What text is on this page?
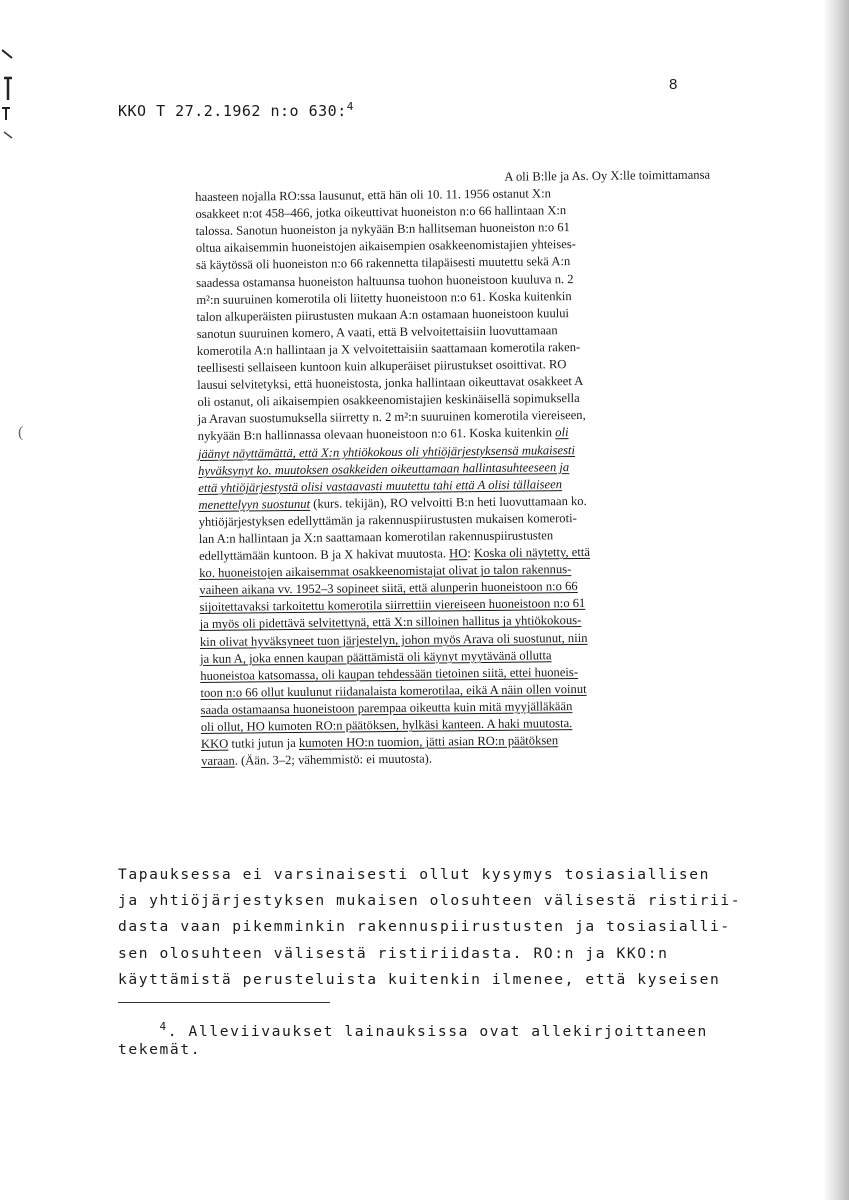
(
8
KKO T 27.2.1962 n:o 630:$^4$
A oli B:lle ja As. Oy X:lle toimittamansa
haasteen nojalla RO:ssa lausunut, että hän oli 10. 11. 1956 ostanut X:n
osakkeet n:ot 458–466, jotka oikeuttivat huoneiston n:o 66 hallintaan X:n
talossa. Sanotun huoneiston ja nykyään B:n hallitseman huoneiston n:o 61
oltua aikaisemmin huoneistojen aikaisempien osakkeenomistajien yhteises-
sä käytössä oli huoneiston n:o 66 rakennetta tilapäisesti muutettu sekä A:n
saadessa ostamansa huoneiston haltuunsa tuohon huoneistoon kuuluva n. 2
m²:n suuruinen komerotila oli liitetty huoneistoon n:o 61. Koska kuitenkin
talon alkuperäisten piirustusten mukaan A:n ostamaan huoneistoon kuului
sanotun suuruinen komero, A vaati, että B velvoitettaisiin luovuttamaan
komerotila A:n hallintaan ja X velvoitettaisiin saattamaan komerotila raken-
teellisesti sellaiseen kuntoon kuin alkuperäiset piirustukset osoittivat. RO
lausui selvitetyksi, että huoneistosta, jonka hallintaan oikeuttavat osakkeet A
oli ostanut, oli aikaisempien osakkeenomistajien keskinäisellä sopimuksella
ja Aravan suostumuksella siirretty n. 2 m²:n suuruinen komerotila viereiseen,
nykyään B:n hallinnassa olevaan huoneistoon n:o 61. Koska kuitenkin oli
jäänyt näyttämättä, että X:n yhtiökokous oli yhtiöjärjestyksensä mukaisesti
hyväksynyt ko. muutoksen osakkeiden oikeuttamaan hallintasuhteeseen ja
että yhtiöjärjestystä olisi vastaavasti muutettu tahi että A olisi tällaiseen
menettelyyn suostunut (kurs. tekijän), RO velvoitti B:n heti luovuttamaan ko.
yhtiöjärjestyksen edellyttämän ja rakennuspiirustusten mukaisen komeroti-
lan A:n hallintaan ja X:n saattamaan komerotilan rakennuspiirustusten
edellyttämään kuntoon. B ja X hakivat muutosta. HO: Koska oli näytetty, että
ko. huoneistojen aikaisemmat osakkeenomistajat olivat jo talon rakennus-
vaiheen aikana vv. 1952–3 sopineet siitä, että alunperin huoneistoon n:o 66
sijoitettavaksi tarkoitettu komerotila siirrettiin viereiseen huoneistoon n:o 61
ja myös oli pidettävä selvitettynä, että X:n silloinen hallitus ja yhtiökokous-
kin olivat hyväksyneet tuon järjestelyn, johon myös Arava oli suostunut, niin
ja kun A, joka ennen kaupan päättämistä oli käynyt myytävänä ollutta
huoneistoa katsomassa, oli kaupan tehdessään tietoinen siitä, ettei huoneis-
toon n:o 66 ollut kuulunut riidanalaista komerotilaa, eikä A näin ollen voinut
saada ostamaansa huoneistoon parempaa oikeutta kuin mitä myyjälläkään
oli ollut, HO kumoten RO:n päätöksen, hylkäsi kanteen. A haki muutosta.
KKO tutki jutun ja kumoten HO:n tuomion, jätti asian RO:n päätöksen
varaan. (Ään. 3–2; vähemmistö: ei muutosta).
Tapauksessa ei varsinaisesti ollut kysymys tosiasiallisen
ja yhtiöjärjestyksen mukaisen olosuhteen välisestä ristirii-
dasta vaan pikemminkin rakennuspiirustusten ja tosiasialli-
sen olosuhteen välisestä ristiriidasta. RO:n ja KKO:n
käyttämistä perusteluista kuitenkin ilmenee, että kyseisen
$^4$. Alleviivaukset lainauksissa ovat allekirjoittaneen
tekemät.
